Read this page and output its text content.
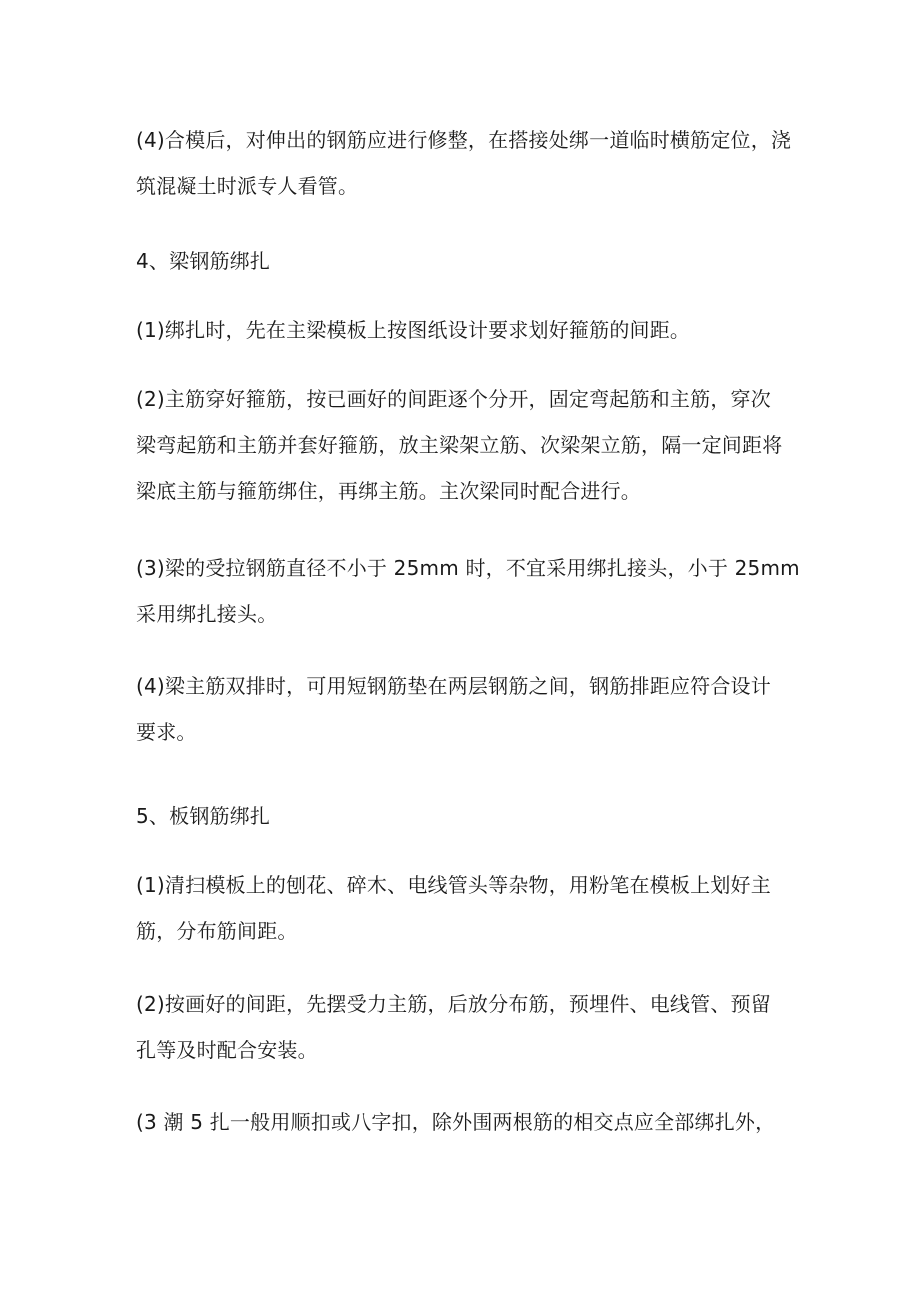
(4)合模后，对伸出的钢筋应进行修整，在搭接处绑一道临时横筋定位，浇
筑混凝土时派专人看管。

4、梁钢筋绑扎

(1)绑扎时，先在主梁模板上按图纸设计要求划好箍筋的间距。

(2)主筋穿好箍筋，按已画好的间距逐个分开，固定弯起筋和主筋，穿次
梁弯起筋和主筋并套好箍筋，放主梁架立筋、次梁架立筋，隔一定间距将
梁底主筋与箍筋绑住，再绑主筋。主次梁同时配合进行。

(3)梁的受拉钢筋直径不小于 25mm 时，不宜采用绑扎接头，小于 25mm
采用绑扎接头。

(4)梁主筋双排时，可用短钢筋垫在两层钢筋之间，钢筋排距应符合设计
要求。

5、板钢筋绑扎

(1)清扫模板上的刨花、碎木、电线管头等杂物，用粉笔在模板上划好主
筋，分布筋间距。

(2)按画好的间距，先摆受力主筋，后放分布筋，预埋件、电线管、预留
孔等及时配合安装。

(3 潮 5 扎一般用顺扣或八字扣，除外围两根筋的相交点应全部绑扎外，
